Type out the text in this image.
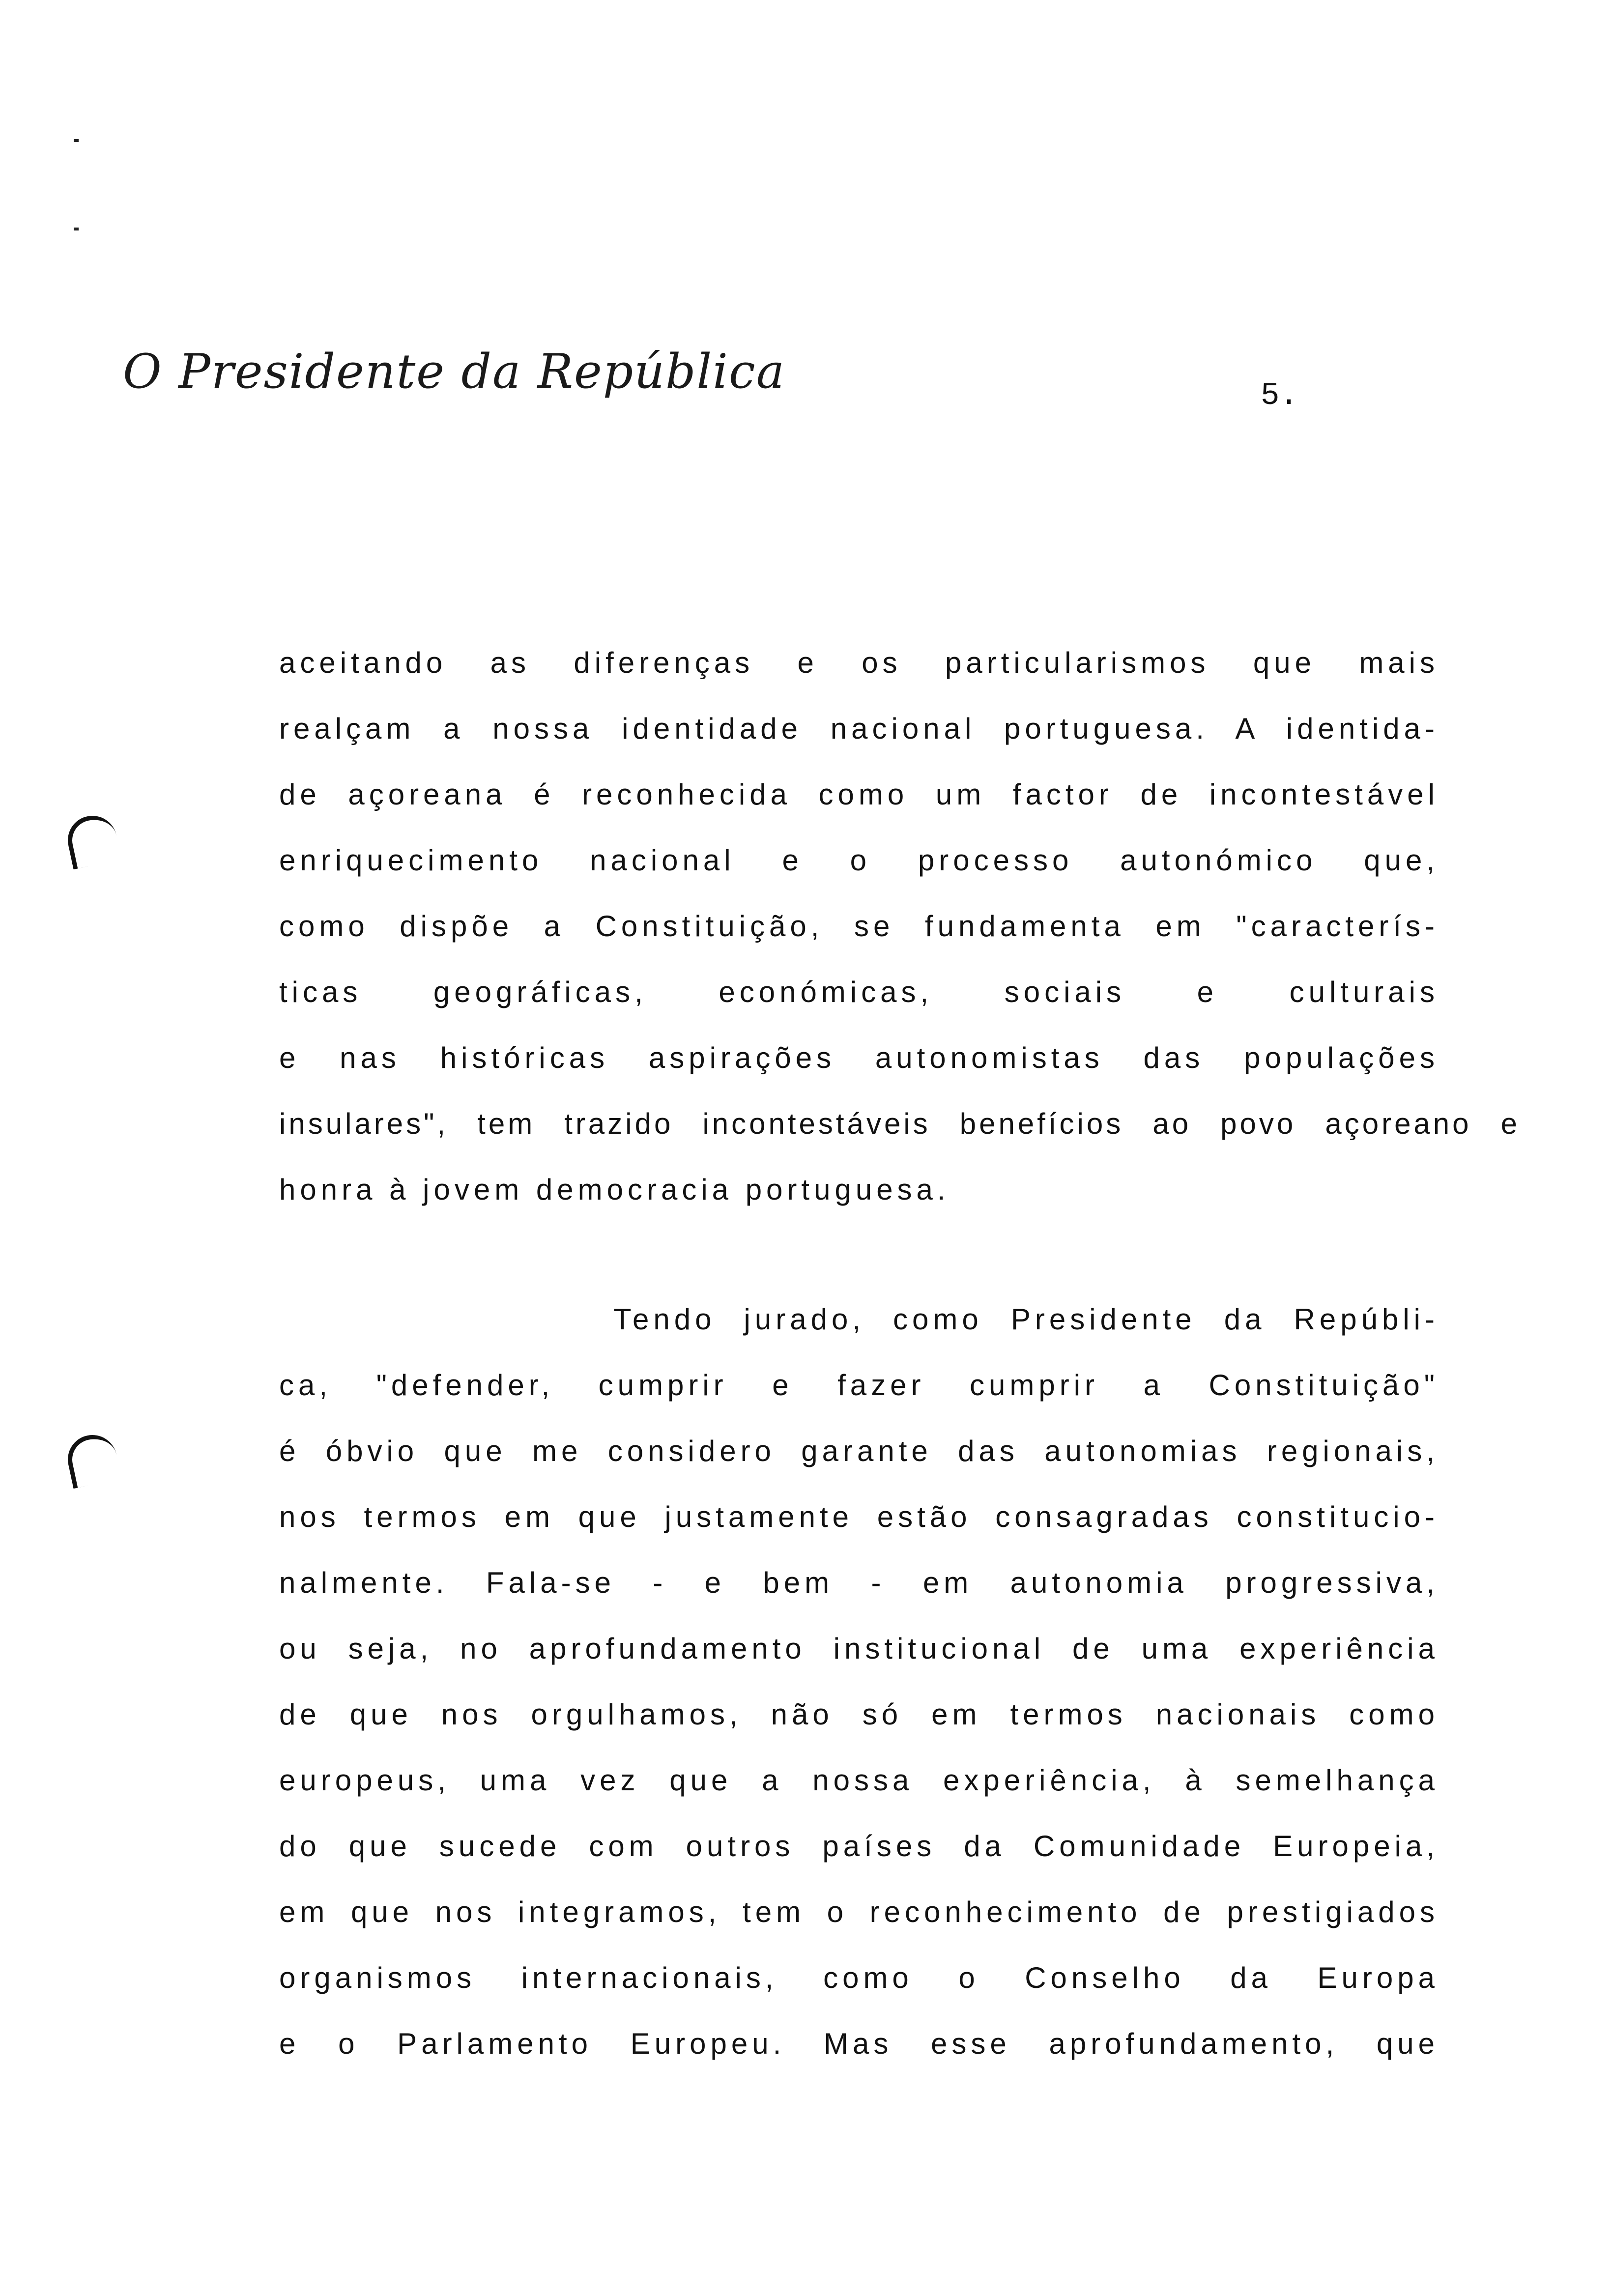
O Presidente da República	5.
aceitando as diferenças e os particularismos que mais
realçam a nossa identidade nacional portuguesa. A identida-
de açoreana é reconhecida como um factor de incontestável
enriquecimento nacional e o processo autonómico que,
como dispõe a Constituição, se fundamenta em "caracterís-
ticas geográficas, económicas, sociais e culturais
e nas históricas aspirações autonomistas das populações
insulares", tem trazido incontestáveis benefícios ao povo açoreano e
honra à jovem democracia portuguesa.
Tendo jurado, como Presidente da Repúbli-
ca, "defender, cumprir e fazer cumprir a Constituição"
é óbvio que me considero garante das autonomias regionais,
nos termos em que justamente estão consagradas constitucio-
nalmente. Fala-se - e bem - em autonomia progressiva,
ou seja, no aprofundamento institucional de uma experiência
de que nos orgulhamos, não só em termos nacionais como
europeus, uma vez que a nossa experiência, à semelhança
do que sucede com outros países da Comunidade Europeia,
em que nos integramos, tem o reconhecimento de prestigiados
organismos internacionais, como o Conselho da Europa
e o Parlamento Europeu. Mas esse aprofundamento, que
